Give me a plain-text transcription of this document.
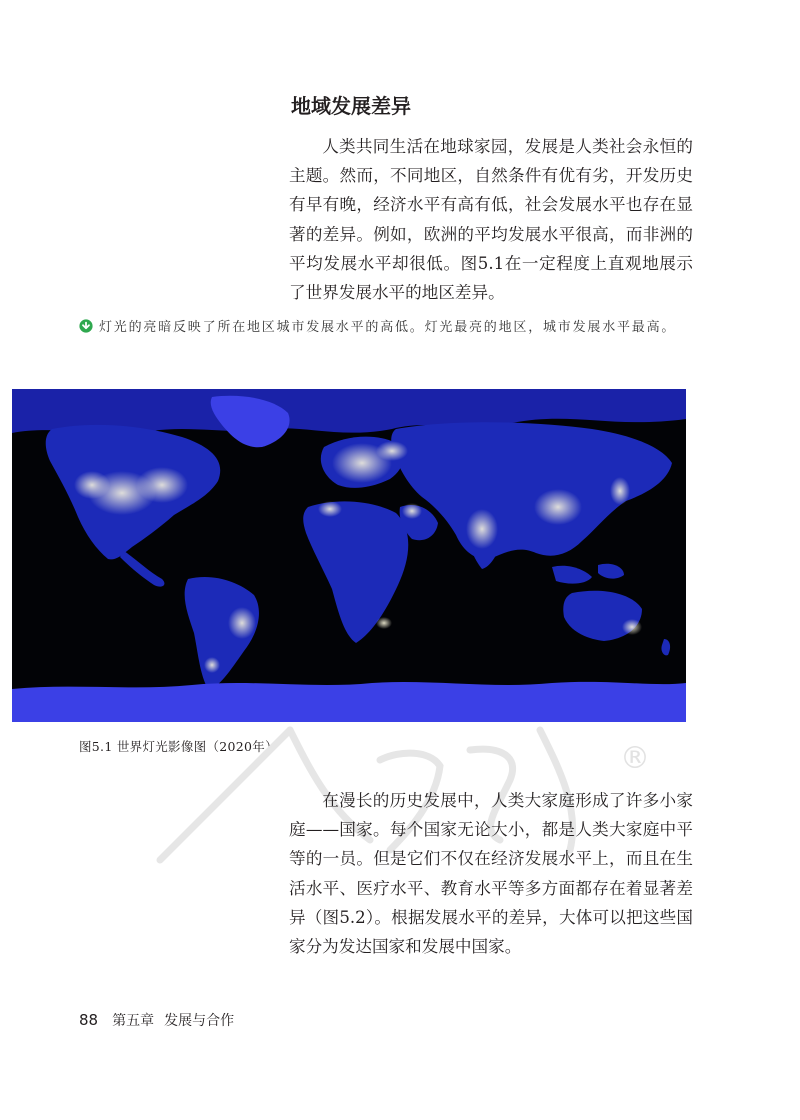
地域发展差异

人类共同生活在地球家园，发展是人类社会永恒的主题。然而，不同地区，自然条件有优有劣，开发历史有早有晚，经济水平有高有低，社会发展水平也存在显著的差异。例如，欧洲的平均发展水平很高，而非洲的平均发展水平却很低。图5.1在一定程度上直观地展示了世界发展水平的地区差异。

灯光的亮暗反映了所在地区城市发展水平的高低。灯光最亮的地区，城市发展水平最高。
图5.1 世界灯光影像图（2020年）	®

在漫长的历史发展中，人类大家庭形成了许多小家庭——国家。每个国家无论大小，都是人类大家庭中平等的一员。但是它们不仅在经济发展水平上，而且在生活水平、医疗水平、教育水平等多方面都存在着显著差异（图5.2）。根据发展水平的差异，大体可以把这些国家分为发达国家和发展中国家。

88 第五章 发展与合作
